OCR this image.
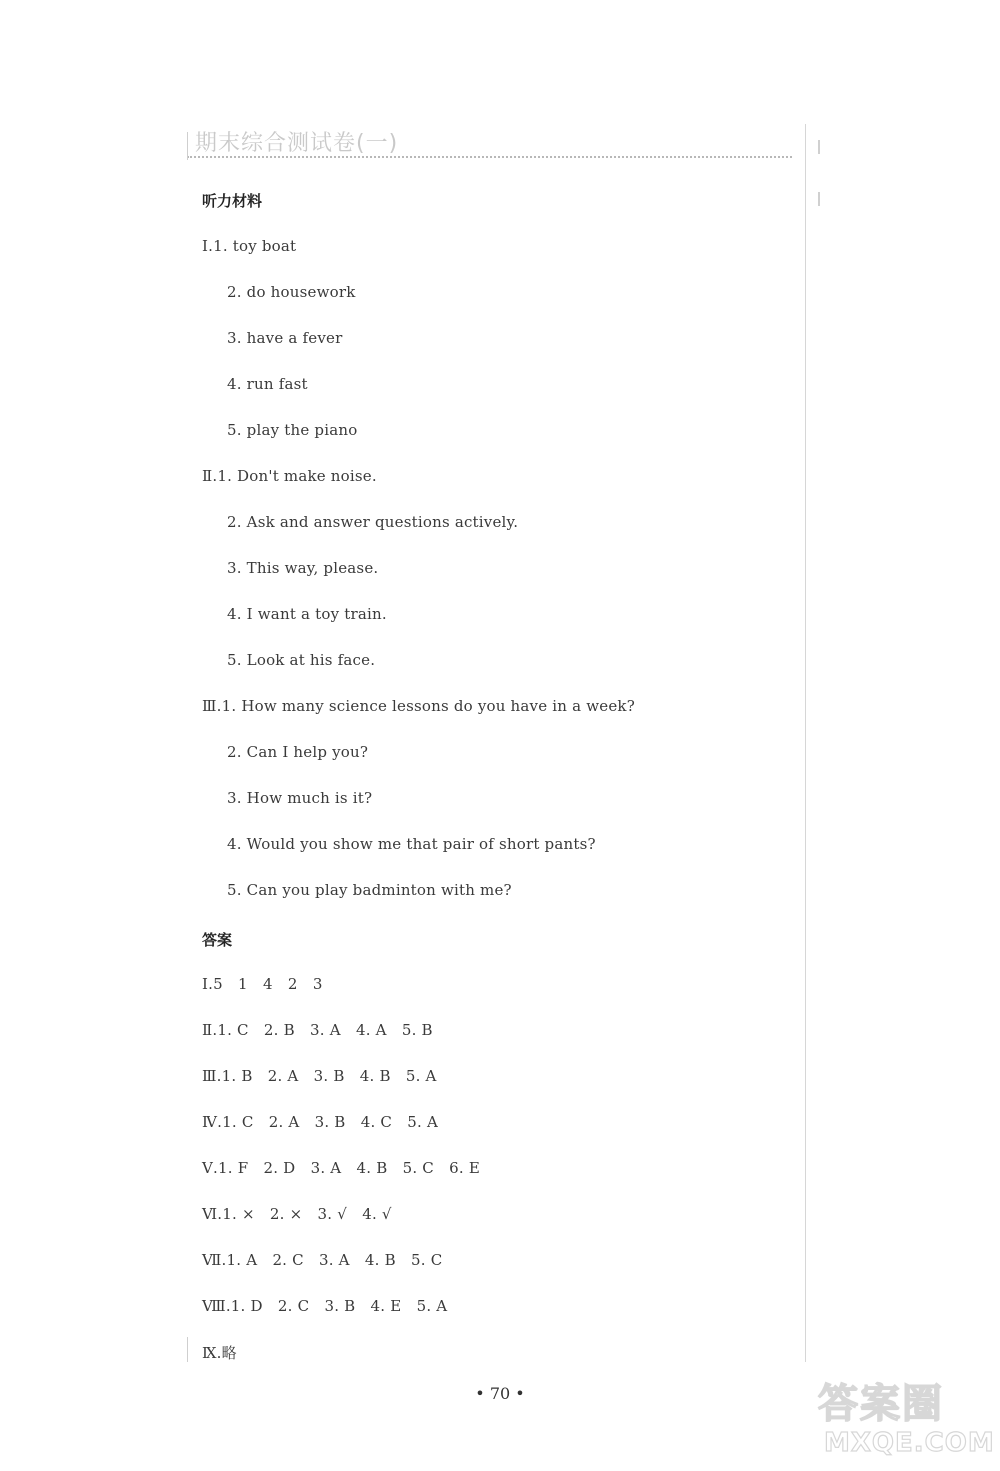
期末综合测试卷(一)
听力材料
Ⅰ.1. toy boat
2. do housework
3. have a fever
4. run fast
5. play the piano
Ⅱ.1. Don't make noise.
2. Ask and answer questions actively.
3. This way, please.
4. I want a toy train.
5. Look at his face.
Ⅲ.1. How many science lessons do you have in a week?
2. Can I help you?
3. How much is it?
4. Would you show me that pair of short pants?
5. Can you play badminton with me?
答案
Ⅰ.5　1　4　2　3
Ⅱ.1. C　2. B　3. A　4. A　5. B
Ⅲ.1. B　2. A　3. B　4. B　5. A
Ⅳ.1. C　2. A　3. B　4. C　5. A
Ⅴ.1. F　2. D　3. A　4. B　5. C　6. E
Ⅵ.1. ×　2. ×　3. √　4. √
Ⅶ.1. A　2. C　3. A　4. B　5. C
Ⅷ.1. D　2. C　3. B　4. E　5. A
Ⅸ.略
• 70 •	答案圈
MXQE.COM
